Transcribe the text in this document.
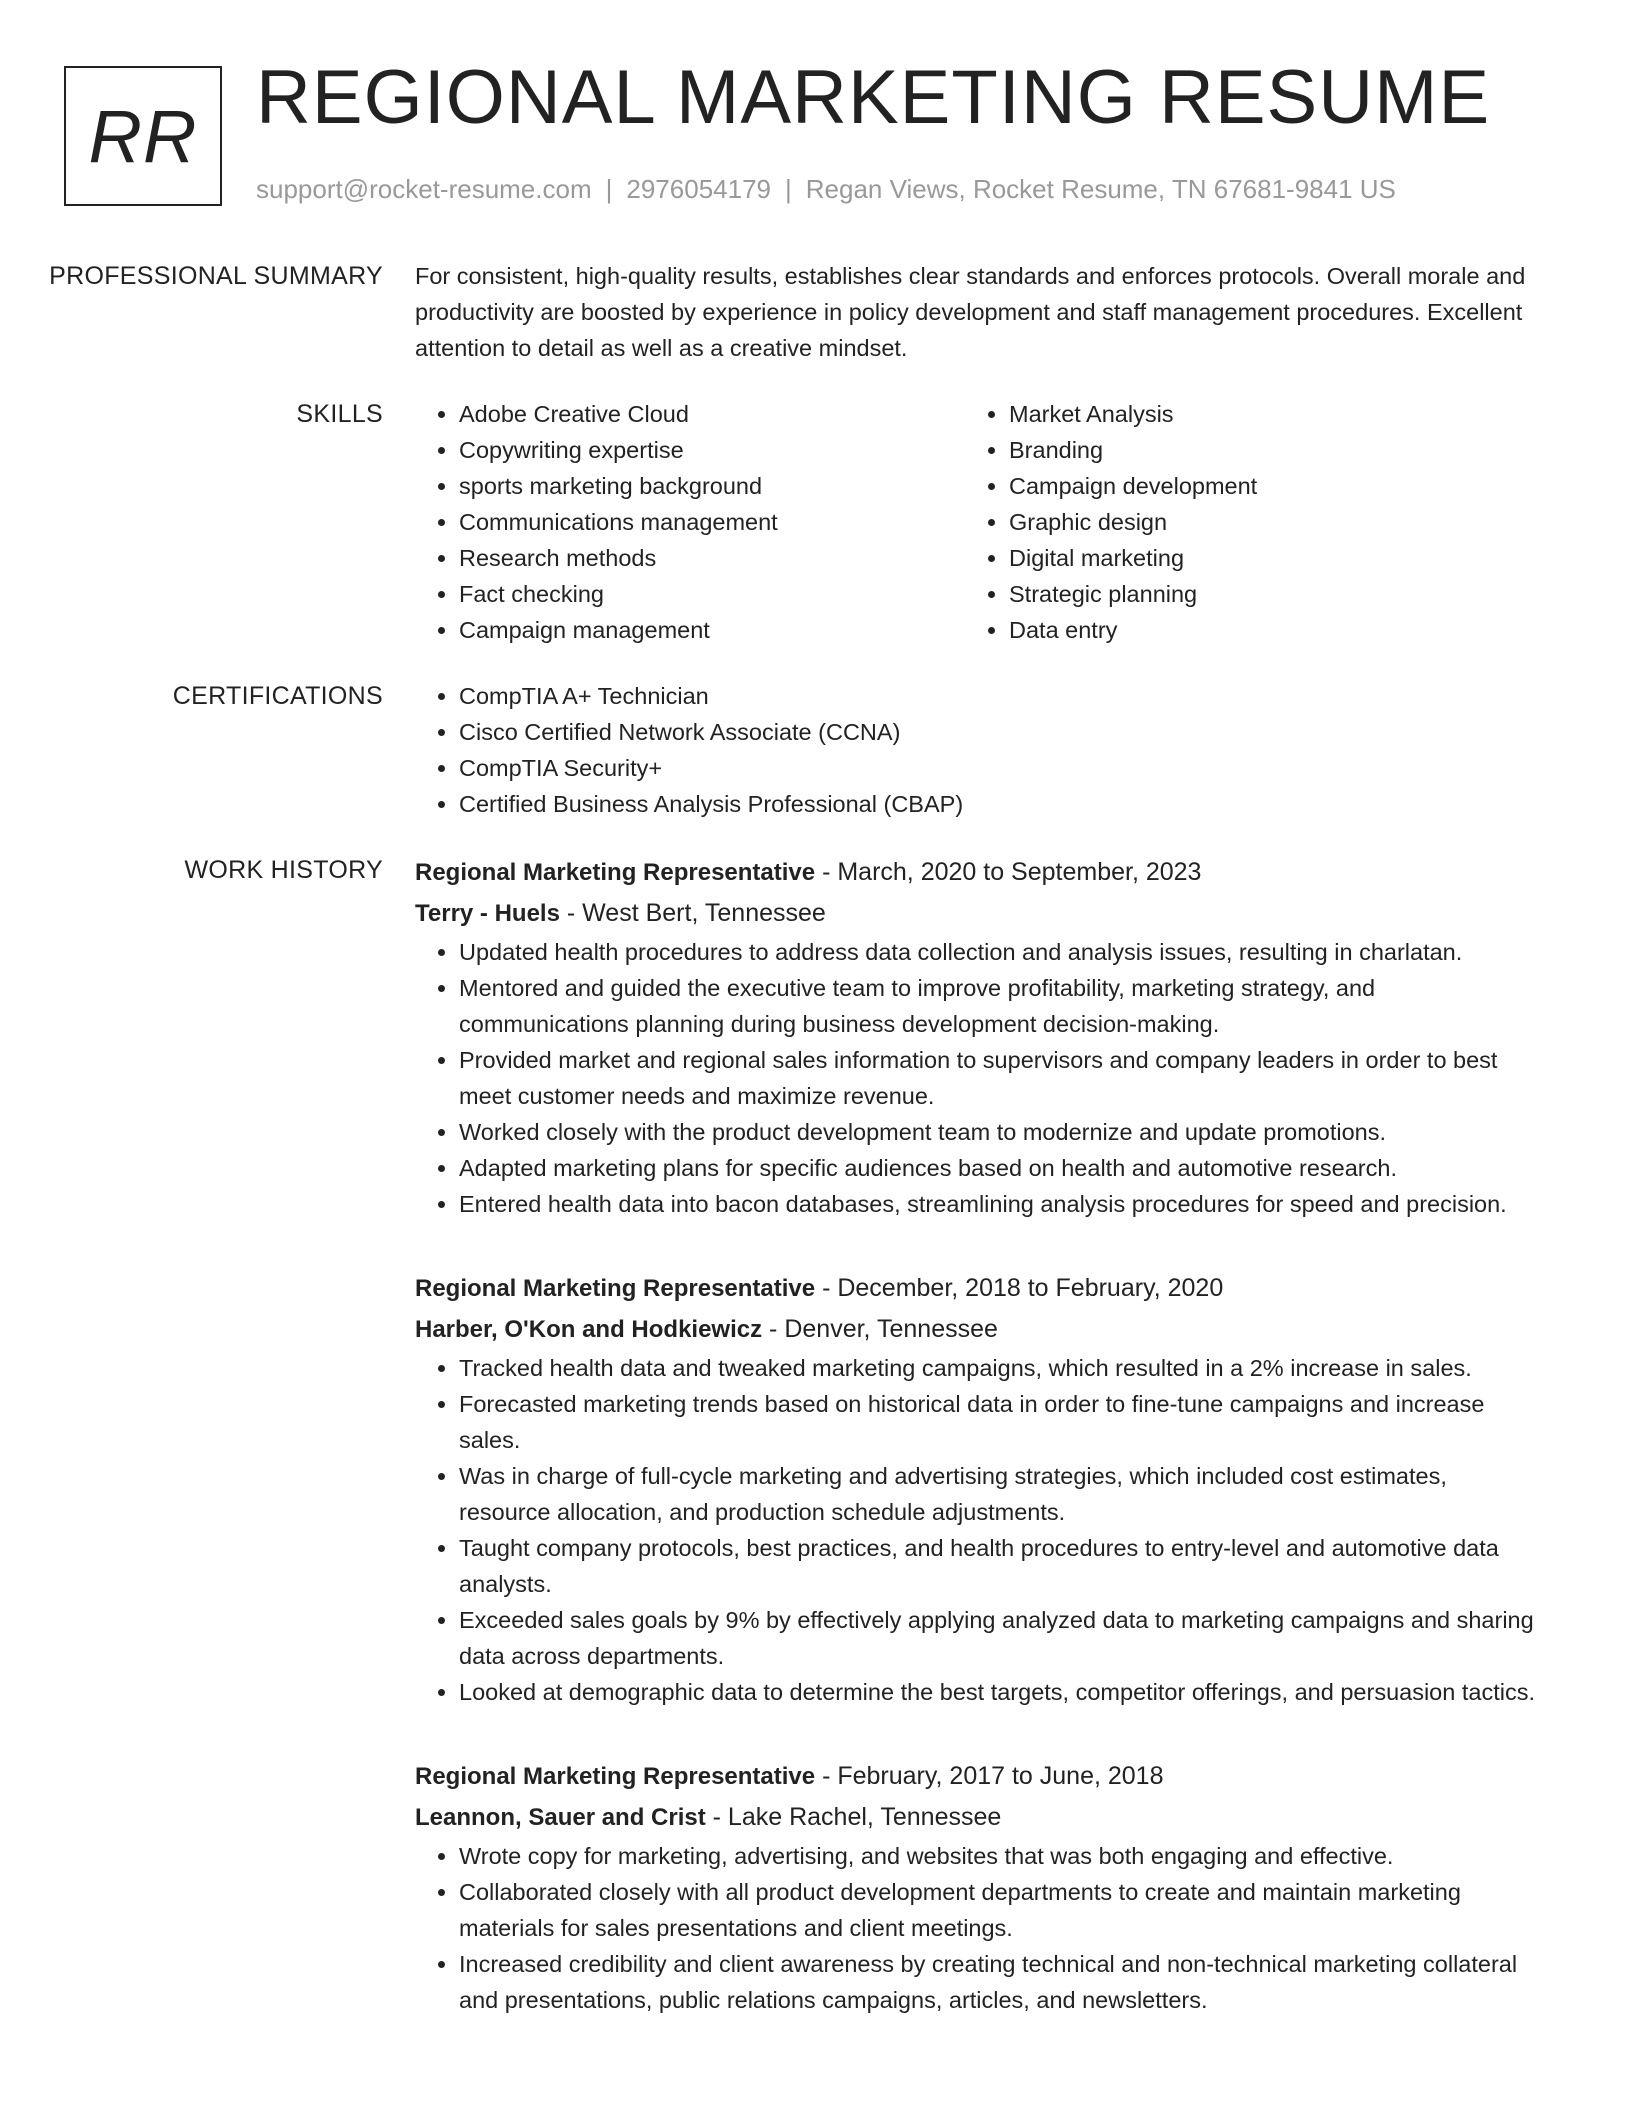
RR REGIONAL MARKETING RESUME
support@rocket-resume.com | 2976054179 | Regan Views, Rocket Resume, TN 67681-9841 US
PROFESSIONAL SUMMARY	For consistent, high-quality results, establishes clear standards and enforces protocols. Overall morale and productivity are boosted by experience in policy development and staff management procedures. Excellent attention to detail as well as a creative mindset.

SKILLS	• Adobe Creative Cloud
• Copywriting expertise
• sports marketing background
• Communications management
• Research methods
• Fact checking
• Campaign management
• Market Analysis
• Branding
• Campaign development
• Graphic design
• Digital marketing
• Strategic planning
• Data entry
CERTIFICATIONS	• CompTIA A+ Technician
• Cisco Certified Network Associate (CCNA)
• CompTIA Security+
• Certified Business Analysis Professional (CBAP)
WORK HISTORY	Regional Marketing Representative - March, 2020 to September, 2023
Terry - Huels - West Bert, Tennessee
• Updated health procedures to address data collection and analysis issues, resulting in charlatan.
• Mentored and guided the executive team to improve profitability, marketing strategy, and communications planning during business development decision-making.
• Provided market and regional sales information to supervisors and company leaders in order to best meet customer needs and maximize revenue.
• Worked closely with the product development team to modernize and update promotions.
• Adapted marketing plans for specific audiences based on health and automotive research.
• Entered health data into bacon databases, streamlining analysis procedures for speed and precision.
Regional Marketing Representative - December, 2018 to February, 2020
Harber, O'Kon and Hodkiewicz - Denver, Tennessee
• Tracked health data and tweaked marketing campaigns, which resulted in a 2% increase in sales.
• Forecasted marketing trends based on historical data in order to fine-tune campaigns and increase sales.
• Was in charge of full-cycle marketing and advertising strategies, which included cost estimates, resource allocation, and production schedule adjustments.
• Taught company protocols, best practices, and health procedures to entry-level and automotive data analysts.
• Exceeded sales goals by 9% by effectively applying analyzed data to marketing campaigns and sharing data across departments.
• Looked at demographic data to determine the best targets, competitor offerings, and persuasion tactics.
Regional Marketing Representative - February, 2017 to June, 2018
Leannon, Sauer and Crist - Lake Rachel, Tennessee
• Wrote copy for marketing, advertising, and websites that was both engaging and effective.
• Collaborated closely with all product development departments to create and maintain marketing materials for sales presentations and client meetings.
• Increased credibility and client awareness by creating technical and non-technical marketing collateral and presentations, public relations campaigns, articles, and newsletters.
